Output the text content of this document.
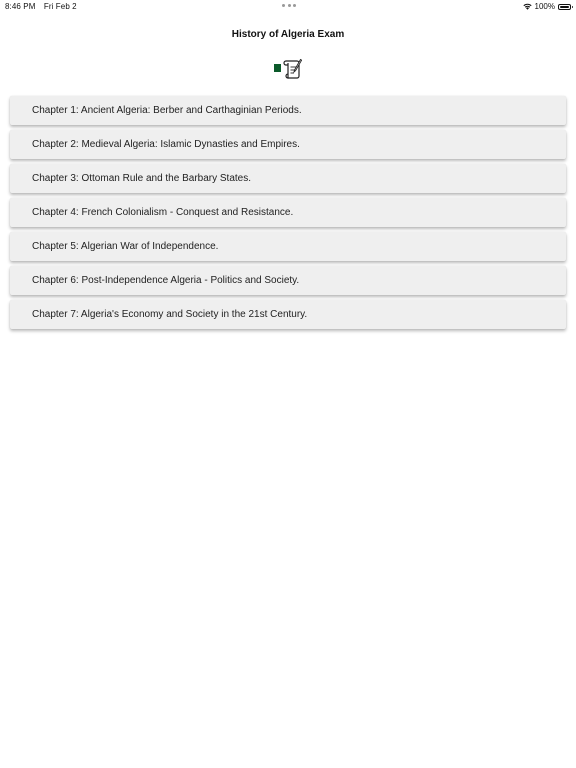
8:46 PM Fri Feb 2	100%
History of Algeria Exam
Chapter 1: Ancient Algeria: Berber and Carthaginian Periods.
Chapter 2: Medieval Algeria: Islamic Dynasties and Empires.
Chapter 3: Ottoman Rule and the Barbary States.
Chapter 4: French Colonialism - Conquest and Resistance.
Chapter 5: Algerian War of Independence.
Chapter 6: Post-Independence Algeria - Politics and Society.
Chapter 7: Algeria's Economy and Society in the 21st Century.
